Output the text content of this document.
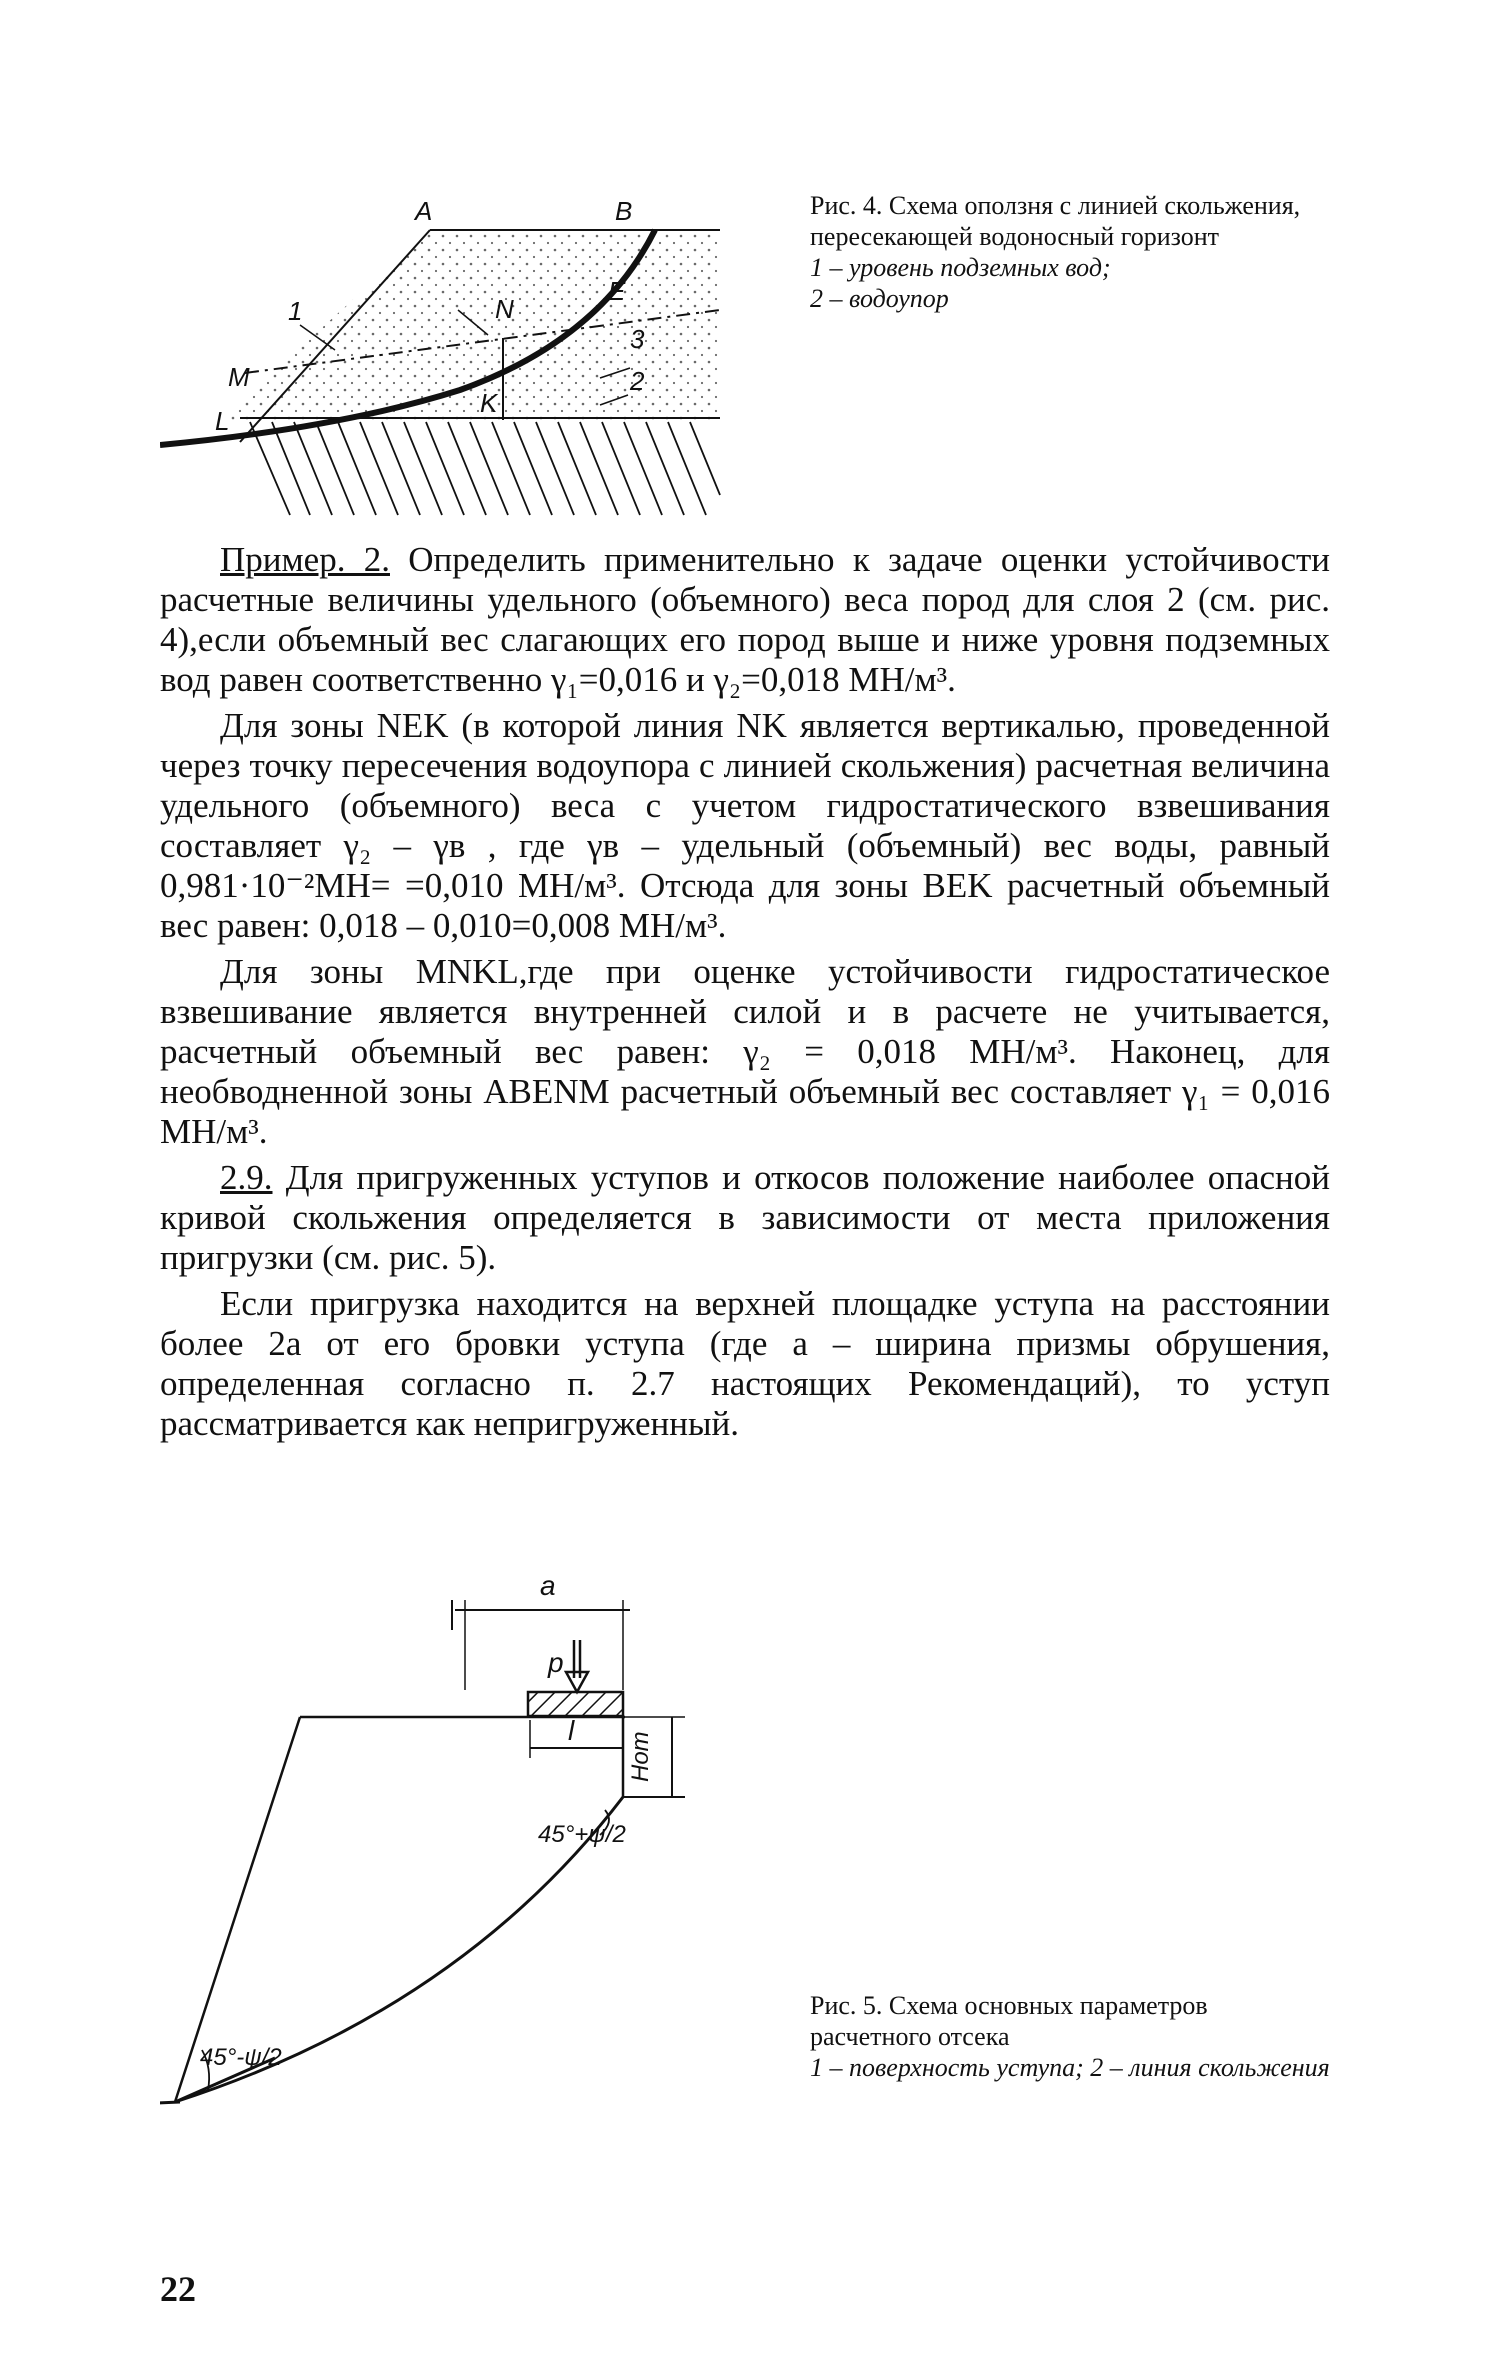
A	B
E
N
1
3
2
M
L
K
Рис. 4. Схема оползня с линией скольжения, пересекающей водоносный горизонт
1 – уровень подземных вод;
2 – водоупор

Пример. 2. Определить применительно к задаче оценки устойчивости расчетные величины удельного (объемного) веса пород для слоя 2 (см. рис. 4),если объемный вес слагающих его пород выше и ниже уровня подземных вод равен соответственно γ₁=0,016 и γ₂=0,018 МН/м³.

Для зоны NEK (в которой линия NK является вертикалью, проведенной через точку пересечения водоупора с линией скольжения) расчетная величина удельного (объемного) веса с учетом гидростатического взвешивания составляет γ₂ – γв , где γв – удельный (объемный) вес воды, равный 0,981·10⁻²МН= =0,010 МН/м³. Отсюда для зоны BEK расчетный объемный вес равен: 0,018 – 0,010=0,008 МН/м³.

Для зоны MNKL,где при оценке устойчивости гидростатическое взвешивание является внутренней силой и в расчете не учитывается, расчетный объемный вес равен: γ₂ = 0,018 МН/м³. Наконец, для необводненной зоны ABENM расчетный объемный вес составляет γ₁ = 0,016 МН/м³.

2.9. Для пригруженных уступов и откосов положение наиболее опасной кривой скольжения определяется в зависимости от места приложения пригрузки (см. рис. 5).

Если пригрузка находится на верхней площадке уступа на расстоянии более 2a от его бровки уступа (где a – ширина призмы обрушения, определенная согласно п. 2.7 настоящих Рекомендаций), то уступ рассматривается как непригруженный.

a
p
l
Hот
45°+ψ/2
45°-ψ/2
Рис. 5. Схема основных параметров расчетного отсека
1 – поверхность уступа; 2 – линия скольжения
22
